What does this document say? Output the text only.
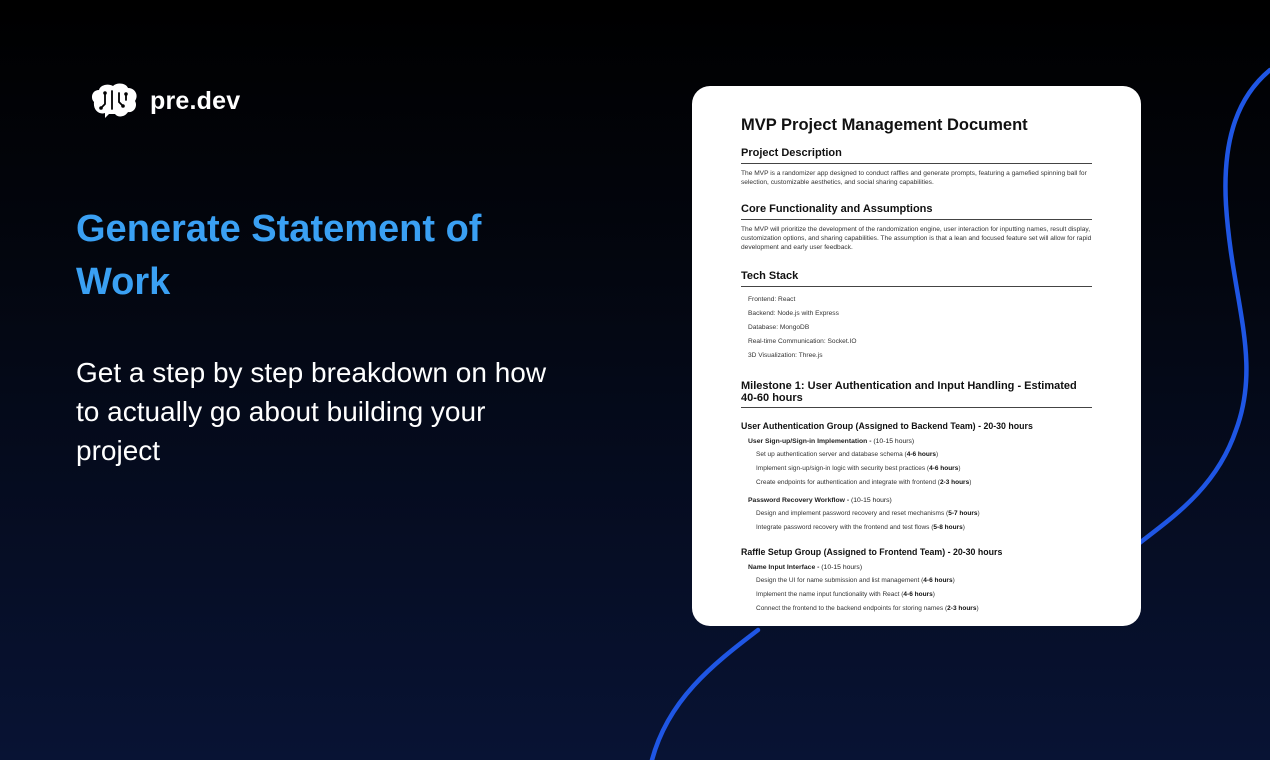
pre.dev
Generate Statement of Work

Get a step by step breakdown on how to actually go about building your project

MVP Project Management Document
Project Description

The MVP is a randomizer app designed to conduct raffles and generate prompts, featuring a gamefied spinning ball for selection, customizable aesthetics, and social sharing capabilities.

Core Functionality and Assumptions

The MVP will prioritize the development of the randomization engine, user interaction for inputting names, result display, customization options, and sharing capabilities. The assumption is that a lean and focused feature set will allow for rapid development and early user feedback.

Tech Stack
Frontend: React
Backend: Node.js with Express
Database: MongoDB
Real-time Communication: Socket.IO
3D Visualization: Three.js
Milestone 1: User Authentication and Input Handling - Estimated 40-60 hours
User Authentication Group (Assigned to Backend Team) - 20-30 hours
User Sign-up/Sign-in Implementation - (10-15 hours)
Set up authentication server and database schema (4-6 hours)
Implement sign-up/sign-in logic with security best practices (4-6 hours)
Create endpoints for authentication and integrate with frontend (2-3 hours)
Password Recovery Workflow - (10-15 hours)
Design and implement password recovery and reset mechanisms (5-7 hours)
Integrate password recovery with the frontend and test flows (5-8 hours)
Raffle Setup Group (Assigned to Frontend Team) - 20-30 hours
Name Input Interface - (10-15 hours)
Design the UI for name submission and list management (4-6 hours)
Implement the name input functionality with React (4-6 hours)
Connect the frontend to the backend endpoints for storing names (2-3 hours)
